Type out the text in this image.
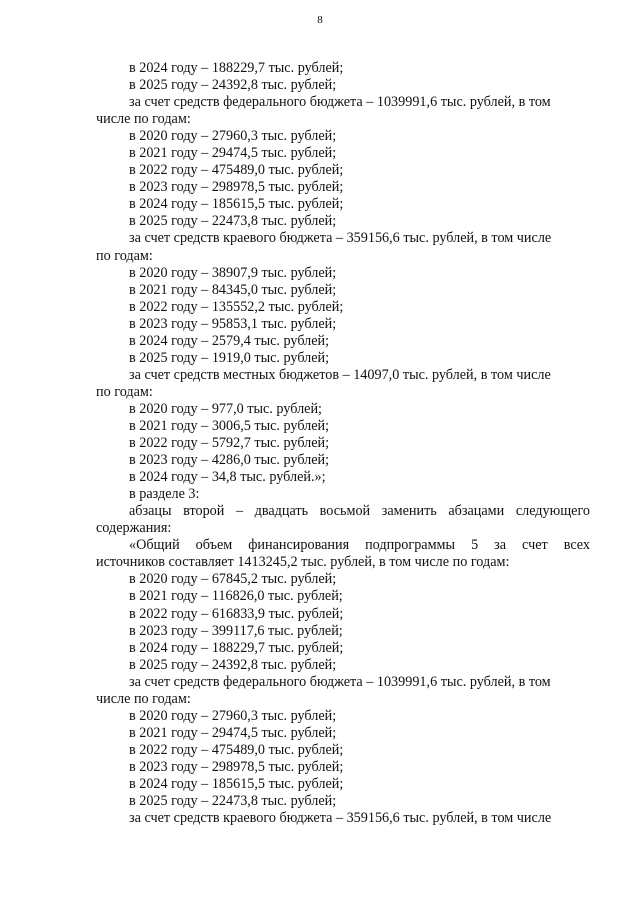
8
в 2024 году – 188229,7 тыс. рублей;
в 2025 году – 24392,8 тыс. рублей;
за счет средств федерального бюджета – 1039991,6 тыс. рублей, в том
числе по годам:
в 2020 году – 27960,3 тыс. рублей;
в 2021 году – 29474,5 тыс. рублей;
в 2022 году – 475489,0 тыс. рублей;
в 2023 году – 298978,5 тыс. рублей;
в 2024 году – 185615,5 тыс. рублей;
в 2025 году – 22473,8 тыс. рублей;
за счет средств краевого бюджета – 359156,6 тыс. рублей, в том числе
по годам:
в 2020 году – 38907,9 тыс. рублей;
в 2021 году – 84345,0 тыс. рублей;
в 2022 году – 135552,2 тыс. рублей;
в 2023 году – 95853,1 тыс. рублей;
в 2024 году – 2579,4 тыс. рублей;
в 2025 году – 1919,0 тыс. рублей;
за счет средств местных бюджетов – 14097,0 тыс. рублей, в том числе
по годам:
в 2020 году – 977,0 тыс. рублей;
в 2021 году – 3006,5 тыс. рублей;
в 2022 году – 5792,7 тыс. рублей;
в 2023 году – 4286,0 тыс. рублей;
в 2024 году – 34,8 тыс. рублей.»;
в разделе 3:
абзацы второй – двадцать восьмой заменить абзацами следующего
содержания:
«Общий объем финансирования подпрограммы 5 за счет всех
источников составляет 1413245,2 тыс. рублей, в том числе по годам:
в 2020 году – 67845,2 тыс. рублей;
в 2021 году – 116826,0 тыс. рублей;
в 2022 году – 616833,9 тыс. рублей;
в 2023 году – 399117,6 тыс. рублей;
в 2024 году – 188229,7 тыс. рублей;
в 2025 году – 24392,8 тыс. рублей;
за счет средств федерального бюджета – 1039991,6 тыс. рублей, в том
числе по годам:
в 2020 году – 27960,3 тыс. рублей;
в 2021 году – 29474,5 тыс. рублей;
в 2022 году – 475489,0 тыс. рублей;
в 2023 году – 298978,5 тыс. рублей;
в 2024 году – 185615,5 тыс. рублей;
в 2025 году – 22473,8 тыс. рублей;
за счет средств краевого бюджета – 359156,6 тыс. рублей, в том числе
